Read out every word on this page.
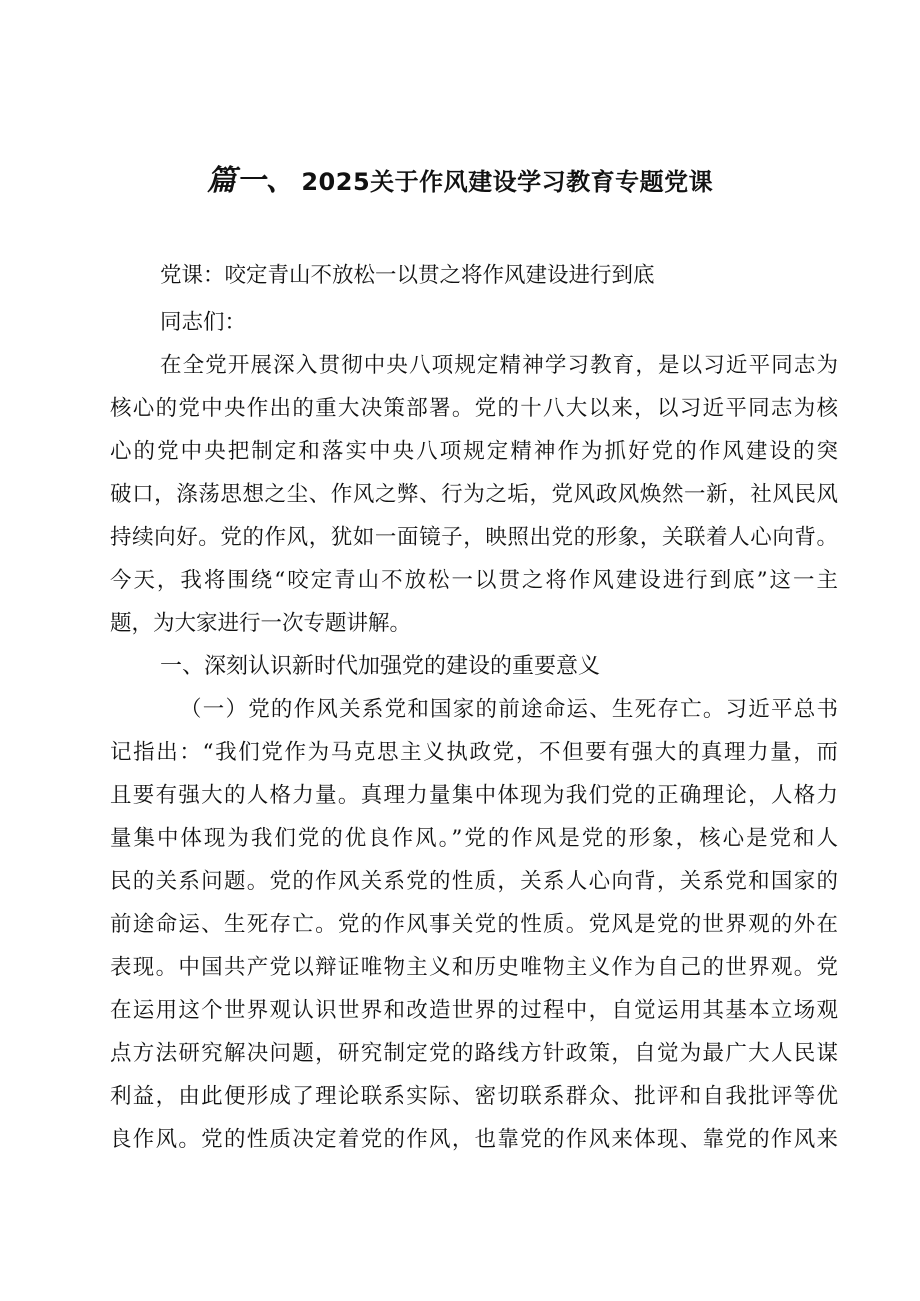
篇一、 2025关于作风建设学习教育专题党课
党课：咬定青山不放松一以贯之将作风建设进行到底
同志们：
在全党开展深入贯彻中央八项规定精神学习教育，是以习近平同志为
核心的党中央作出的重大决策部署。党的十八大以来，以习近平同志为核
心的党中央把制定和落实中央八项规定精神作为抓好党的作风建设的突
破口，涤荡思想之尘、作风之弊、行为之垢，党风政风焕然一新，社风民风
持续向好。党的作风，犹如一面镜子，映照出党的形象，关联着人心向背。
今天，我将围绕“咬定青山不放松一以贯之将作风建设进行到底”这一主
题，为大家进行一次专题讲解。
一、深刻认识新时代加强党的建设的重要意义
（一）党的作风关系党和国家的前途命运、生死存亡。习近平总书
记指出：“我们党作为马克思主义执政党，不但要有强大的真理力量，而
且要有强大的人格力量。真理力量集中体现为我们党的正确理论，人格力
量集中体现为我们党的优良作风。”党的作风是党的形象，核心是党和人
民的关系问题。党的作风关系党的性质，关系人心向背，关系党和国家的
前途命运、生死存亡。党的作风事关党的性质。党风是党的世界观的外在
表现。中国共产党以辩证唯物主义和历史唯物主义作为自己的世界观。党
在运用这个世界观认识世界和改造世界的过程中，自觉运用其基本立场观
点方法研究解决问题，研究制定党的路线方针政策，自觉为最广大人民谋
利益，由此便形成了理论联系实际、密切联系群众、批评和自我批评等优
良作风。党的性质决定着党的作风，也靠党的作风来体现、靠党的作风来
